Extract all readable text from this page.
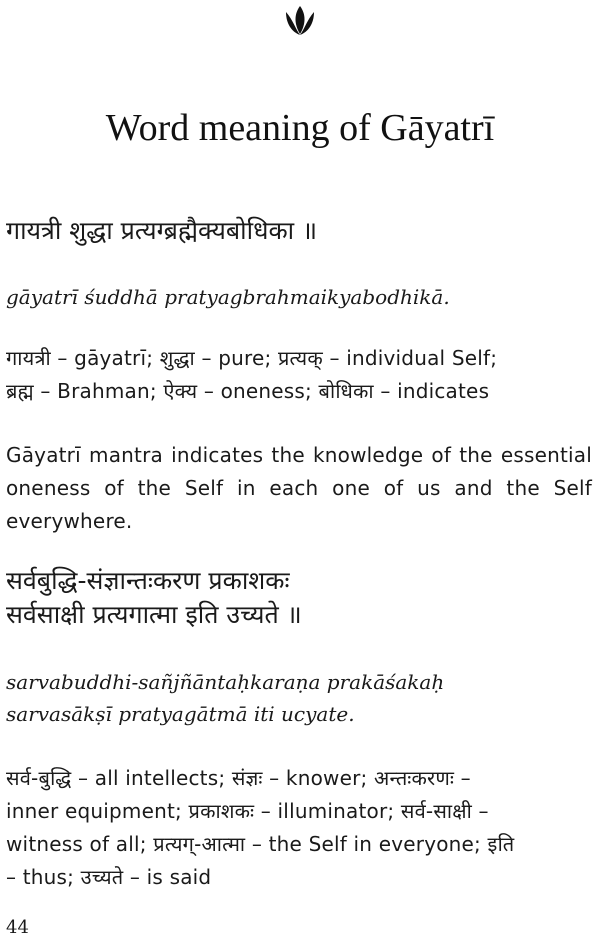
Word meaning of Gāyatrī

गायत्री शुद्धा प्रत्यग्ब्रह्मैक्यबोधिका ॥

gāyatrī śuddhā pratyagbrahmaikyabodhikā.

गायत्री – gāyatrī; शुद्धा – pure; प्रत्यक् – individual Self;
ब्रह्म – Brahman; ऐक्य – oneness; बोधिका – indicates

Gāyatrī mantra indicates the knowledge of the essential oneness of the Self in each one of us and the Self everywhere.

सर्वबुद्धि-संज्ञान्तःकरण प्रकाशकः
सर्वसाक्षी प्रत्यगात्मा इति उच्यते ॥
sarvabuddhi-sañjñāntaḥkaraṇa prakāśakaḥ
sarvasākṣī pratyagātmā iti ucyate.
सर्व-बुद्धि – all intellects; संज्ञः – knower; अन्तःकरणः –
inner equipment; प्रकाशकः – illuminator; सर्व-साक्षी –
witness of all; प्रत्यग्-आत्मा – the Self in everyone; इति
– thus; उच्यते – is said
44
